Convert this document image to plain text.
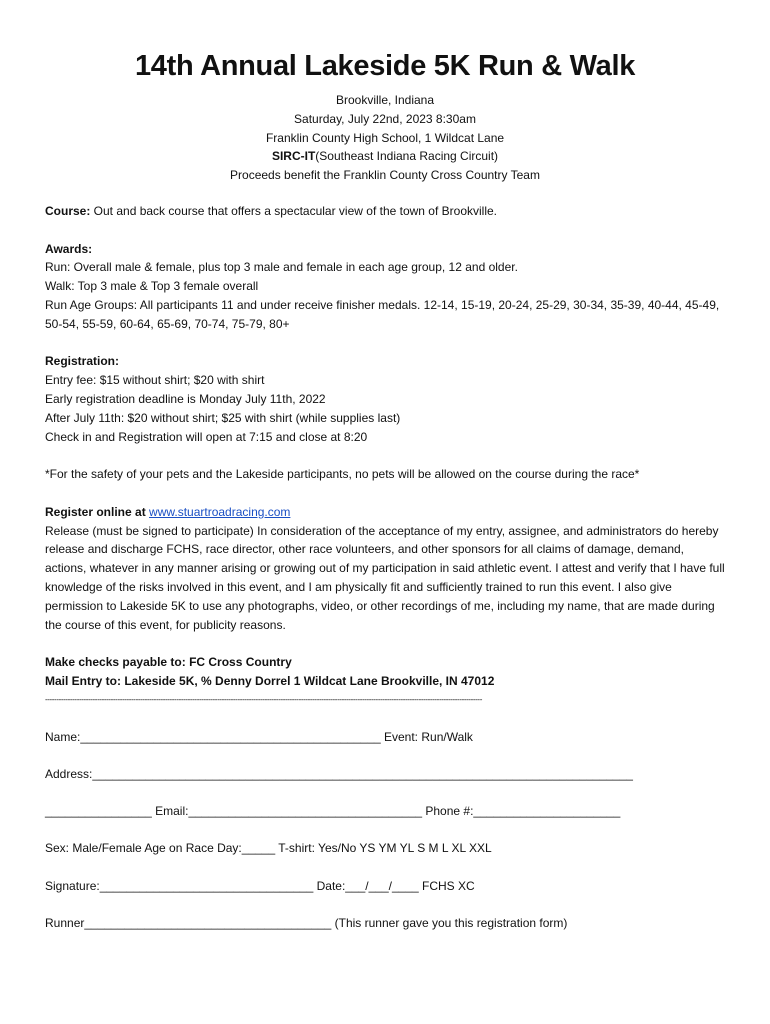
14th Annual Lakeside 5K Run & Walk
Brookville, Indiana
Saturday, July 22nd, 2023 8:30am
Franklin County High School, 1 Wildcat Lane
SIRC-IT(Southeast Indiana Racing Circuit)
Proceeds benefit the Franklin County Cross Country Team
Course: Out and back course that offers a spectacular view of the town of Brookville.
Awards:
Run: Overall male & female, plus top 3 male and female in each age group, 12 and older.
Walk: Top 3 male & Top 3 female overall
Run Age Groups: All participants 11 and under receive finisher medals. 12-14, 15-19, 20-24, 25-29, 30-34, 35-39, 40-44, 45-49, 50-54, 55-59, 60-64, 65-69, 70-74, 75-79, 80+
Registration:
Entry fee: $15 without shirt; $20 with shirt
Early registration deadline is Monday July 11th, 2022
After July 11th: $20 without shirt; $25 with shirt (while supplies last)
Check in and Registration will open at 7:15 and close at 8:20
*For the safety of your pets and the Lakeside participants, no pets will be allowed on the course during the race*
Register online at www.stuartroadracing.com
Release (must be signed to participate) In consideration of the acceptance of my entry, assignee, and administrators do hereby release and discharge FCHS, race director, other race volunteers, and other sponsors for all claims of damage, demand, actions, whatever in any manner arising or growing out of my participation in said athletic event. I attest and verify that I have full knowledge of the risks involved in this event, and I am physically fit and sufficiently trained to run this event. I also give permission to Lakeside 5K to use any photographs, video, or other recordings of me, including my name, that are made during the course of this event, for publicity reasons.
Make checks payable to: FC Cross Country
Mail Entry to: Lakeside 5K, % Denny Dorrel 1 Wildcat Lane Brookville, IN 47012
-------------------------------------------------------------------------------------------------------------------------------------------------------------------------------------------------
Name:_____________________________________________ Event: Run/Walk
Address:_________________________________________________________________________________
________________ Email:___________________________________ Phone #:______________________
Sex: Male/Female Age on Race Day:_____ T-shirt: Yes/No YS YM YL S M L XL XXL
Signature:________________________________ Date:___/___/____ FCHS XC
Runner_____________________________________ (This runner gave you this registration form)
